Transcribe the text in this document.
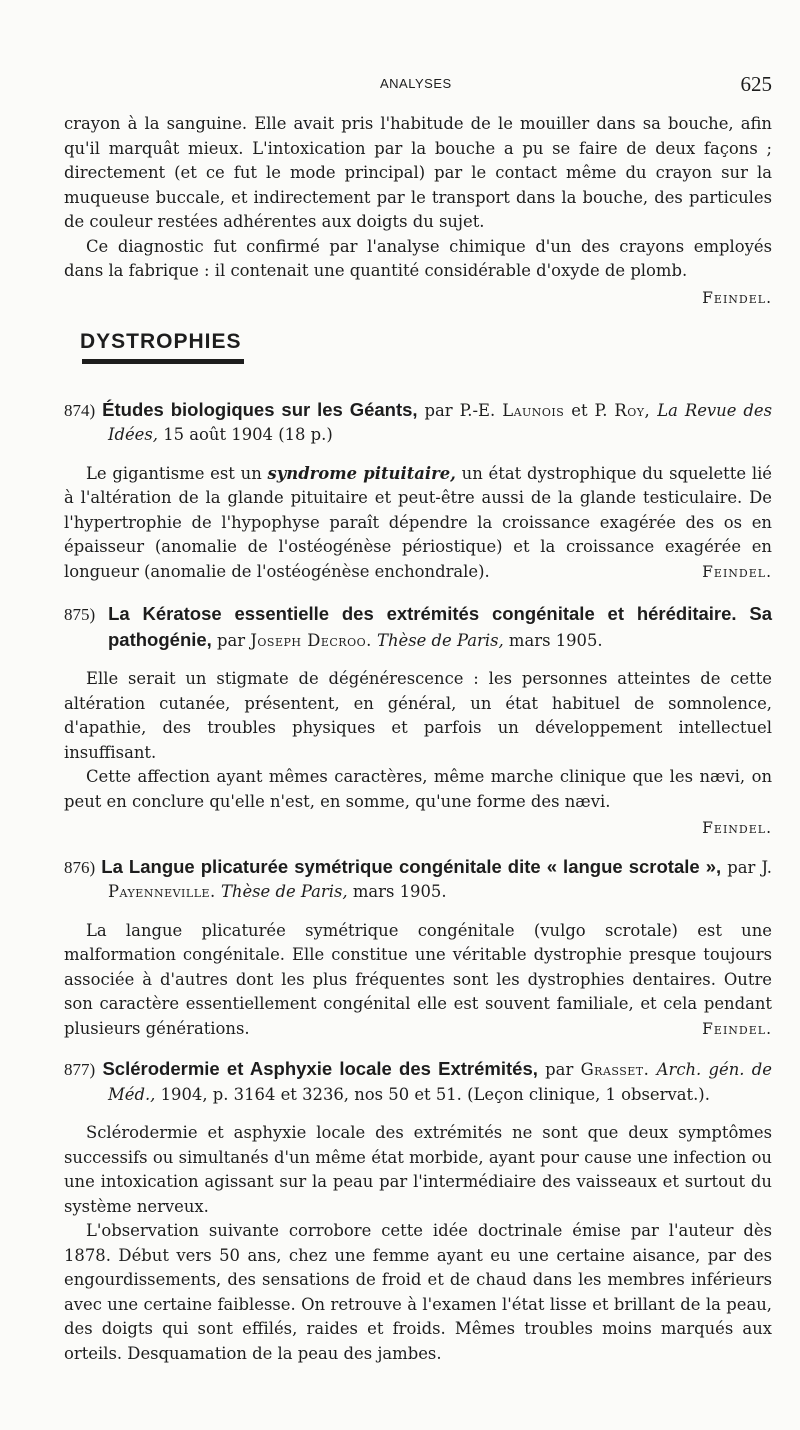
ANALYSES	625

crayon à la sanguine. Elle avait pris l'habitude de le mouiller dans sa bouche, afin qu'il marquât mieux. L'intoxication par la bouche a pu se faire de deux façons ; directement (et ce fut le mode principal) par le contact même du crayon sur la muqueuse buccale, et indirectement par le transport dans la bouche, des particules de couleur restées adhérentes aux doigts du sujet.

Ce diagnostic fut confirmé par l'analyse chimique d'un des crayons employés dans la fabrique : il contenait une quantité considérable d'oxyde de plomb.

Feindel.
DYSTROPHIES

874) Études biologiques sur les Géants, par P.-E. Launois et P. Roy, La Revue des Idées, 15 août 1904 (18 p.)

Le gigantisme est un syndrome pituitaire, un état dystrophique du squelette lié à l'altération de la glande pituitaire et peut-être aussi de la glande testiculaire. De l'hypertrophie de l'hypophyse paraît dépendre la croissance exagérée des os en épaisseur (anomalie de l'ostéogénèse périostique) et la croissance exagérée en longueur (anomalie de l'ostéogénèse enchondrale).	Feindel.

875) La Kératose essentielle des extrémités congénitale et héréditaire. Sa pathogénie, par Joseph Decroo. Thèse de Paris, mars 1905.

Elle serait un stigmate de dégénérescence : les personnes atteintes de cette altération cutanée, présentent, en général, un état habituel de somnolence, d'apathie, des troubles physiques et parfois un développement intellectuel insuffisant.

Cette affection ayant mêmes caractères, même marche clinique que les nævi, on peut en conclure qu'elle n'est, en somme, qu'une forme des nævi.

Feindel.

876) La Langue plicaturée symétrique congénitale dite « langue scrotale », par J. Payenneville. Thèse de Paris, mars 1905.

La langue plicaturée symétrique congénitale (vulgo scrotale) est une malformation congénitale. Elle constitue une véritable dystrophie presque toujours associée à d'autres dont les plus fréquentes sont les dystrophies dentaires. Outre son caractère essentiellement congénital elle est souvent familiale, et cela pendant plusieurs générations.	Feindel.

877) Sclérodermie et Asphyxie locale des Extrémités, par Grasset. Arch. gén. de Méd., 1904, p. 3164 et 3236, nos 50 et 51. (Leçon clinique, 1 observat.).

Sclérodermie et asphyxie locale des extrémités ne sont que deux symptômes successifs ou simultanés d'un même état morbide, ayant pour cause une infection ou une intoxication agissant sur la peau par l'intermédiaire des vaisseaux et surtout du système nerveux.

L'observation suivante corrobore cette idée doctrinale émise par l'auteur dès 1878. Début vers 50 ans, chez une femme ayant eu une certaine aisance, par des engourdissements, des sensations de froid et de chaud dans les membres inférieurs avec une certaine faiblesse. On retrouve à l'examen l'état lisse et brillant de la peau, des doigts qui sont effilés, raides et froids. Mêmes troubles moins marqués aux orteils. Desquamation de la peau des jambes.
